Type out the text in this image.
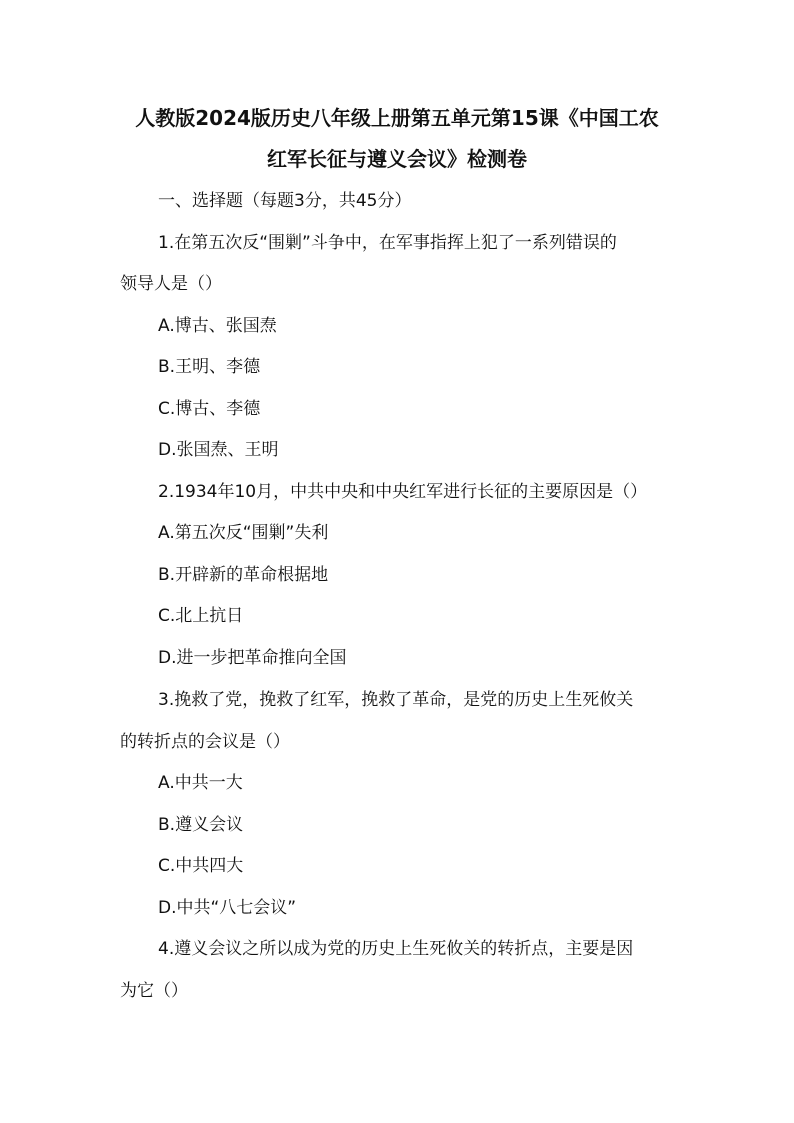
人教版2024版历史八年级上册第五单元第15课《中国工农
红军长征与遵义会议》检测卷
一、选择题（每题3分，共45分）
1.在第五次反“围剿”斗争中，在军事指挥上犯了一系列错误的
领导人是（）
A.博古、张国焘
B.王明、李德
C.博古、李德
D.张国焘、王明
2.1934年10月，中共中央和中央红军进行长征的主要原因是（）
A.第五次反“围剿”失利
B.开辟新的革命根据地
C.北上抗日
D.进一步把革命推向全国
3.挽救了党，挽救了红军，挽救了革命，是党的历史上生死攸关
的转折点的会议是（）
A.中共一大
B.遵义会议
C.中共四大
D.中共“八七会议”
4.遵义会议之所以成为党的历史上生死攸关的转折点，主要是因
为它（）
